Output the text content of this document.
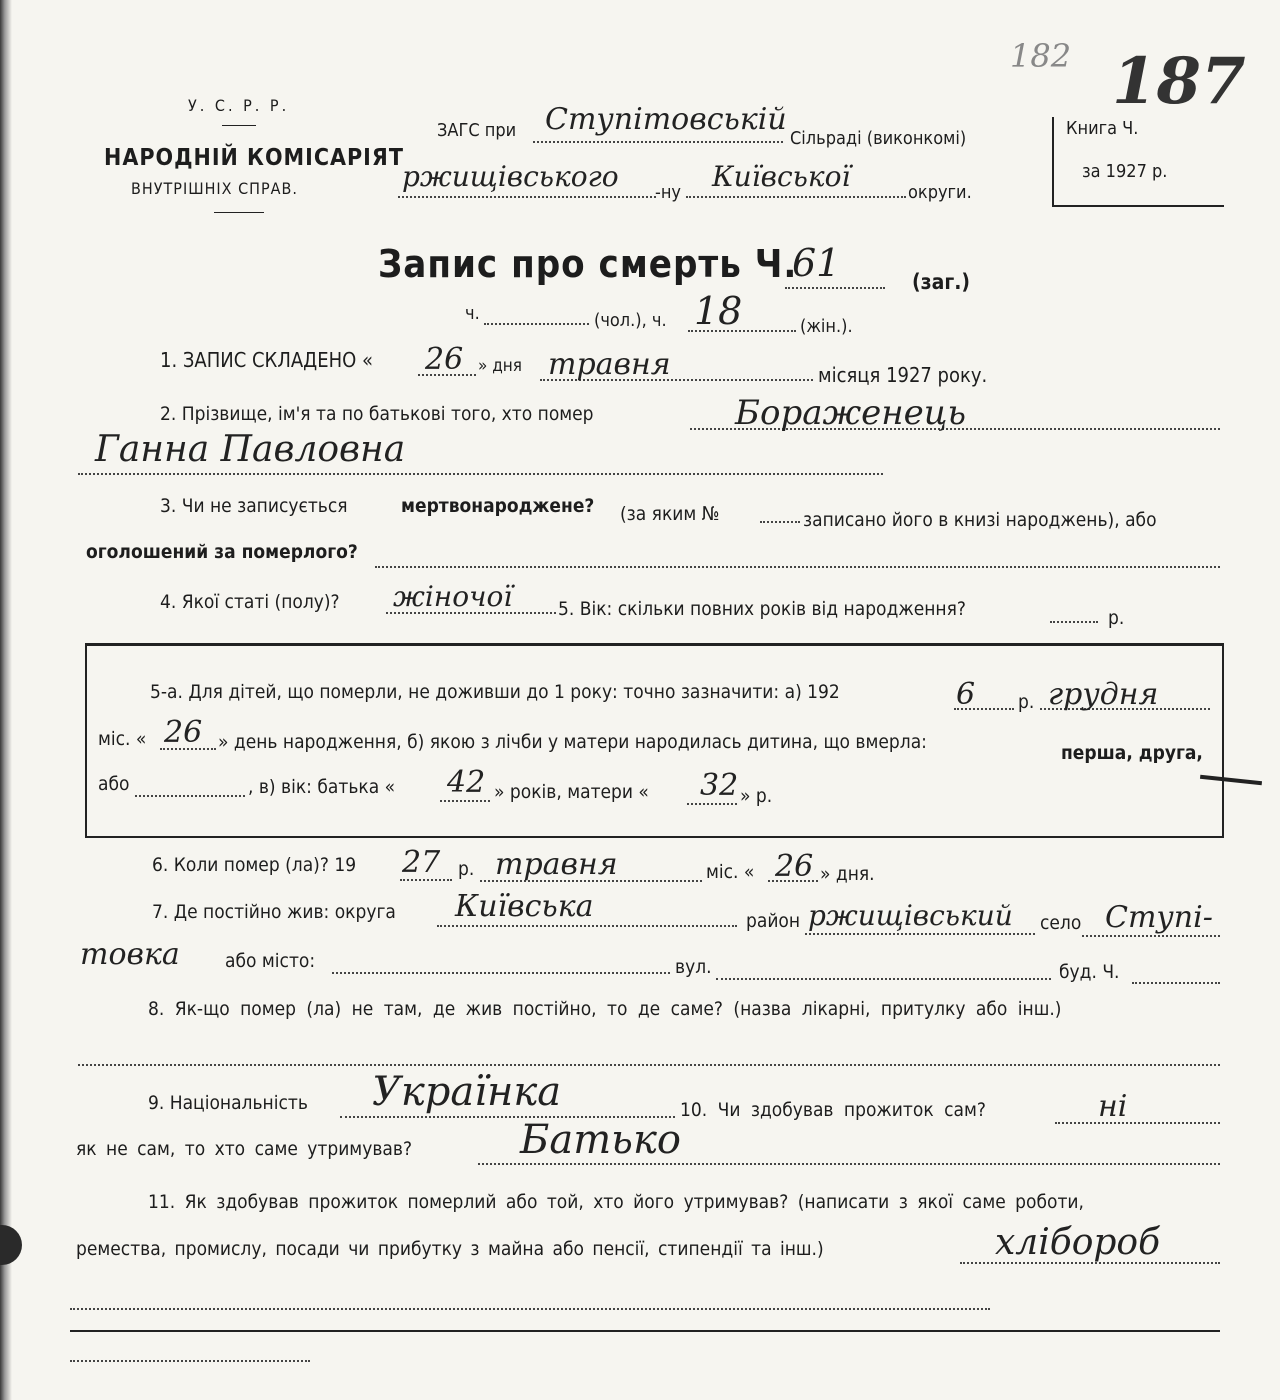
У. С. Р. Р.
НАРОДНІЙ КОМІСАРІЯТ
ВНУТРІШНІХ СПРАВ.
ЗАГС при Ступітовській
Сільраді (виконкомі)
ржищівського -ну Київської	округи.
Книга Ч.
за 1927 р.
182 187
Запис про смерть Ч.
61	(заг.)
ч.	(чол.), ч. 18	(жін.).
1. ЗАПИС СКЛАДЕНО « 26 » дня травня	місяця 1927 року.
2. Прізвище, ім'я та по батькові того, хто помер	Бораженець
Ганна Павловна
3. Чи не записується	мертвонароджене? (за яким №	записано його в книзі народжень), або
оголошений за померлого?
4. Якої статі (полу)? жіночої 5. Вік: скільки повних років від народження?	р.
5-а. Для дітей, що померли, не доживши до 1 року: точно зазначити: а) 192	6 р. грудня
міс. « 26 » день народження, б) якою з лічби у матери народилась дитина, що вмерла:	перша, друга,
або	, в) вік: батька « 42 » років, матери « 32 » р.
6. Коли помер (ла)? 19 27 р. травня	міс. « 26 » дня.
7. Де постійно жив: округа Київська	район ржищівський село Ступі-
товка або місто:	вул.	буд. Ч.
8. Як-що помер (ла) не там, де жив постійно, то де саме? (назва лікарні, притулку або інш.)
9. Національність Українка	10. Чи здобував прожиток сам?	ні
як не сам, то хто саме утримував?	Батько
11. Як здобував прожиток померлий або той, хто його утримував? (написати з якої саме роботи,
ремества, промислу, посади чи прибутку з майна або пенсії, стипендії та інш.)	хлібороб
